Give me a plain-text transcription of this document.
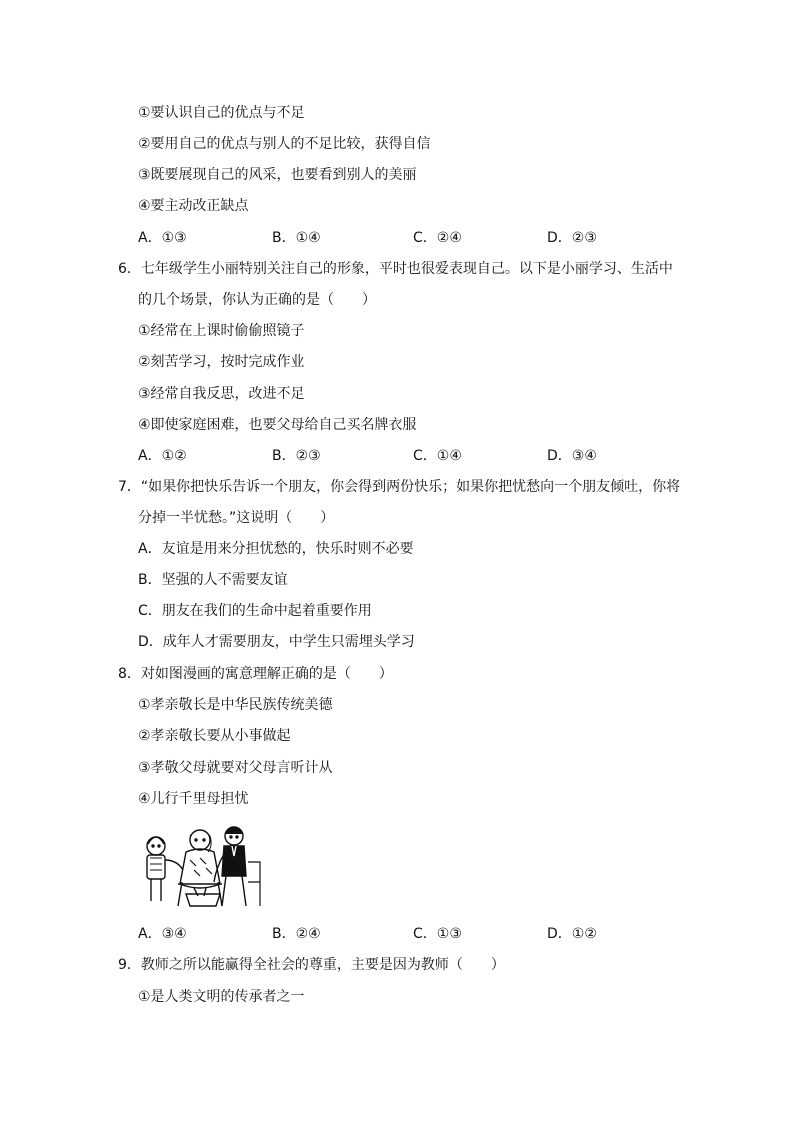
①要认识自己的优点与不足
②要用自己的优点与别人的不足比较，获得自信
③既要展现自己的风采，也要看到别人的美丽
④要主动改正缺点
A．①③	B．①④	C．②④	D．②③
6．七年级学生小丽特别关注自己的形象，平时也很爱表现自己。以下是小丽学习、生活中
的几个场景，你认为正确的是（　　）
①经常在上课时偷偷照镜子
②刻苦学习，按时完成作业
③经常自我反思，改进不足
④即使家庭困难，也要父母给自己买名牌衣服
A．①②	B．②③	C．①④	D．③④
7．“如果你把快乐告诉一个朋友，你会得到两份快乐；如果你把忧愁向一个朋友倾吐，你将
分掉一半忧愁。”这说明（　　）
A．友谊是用来分担忧愁的，快乐时则不必要
B．坚强的人不需要友谊
C．朋友在我们的生命中起着重要作用
D．成年人才需要朋友，中学生只需埋头学习
8．对如图漫画的寓意理解正确的是（　　）
①孝亲敬长是中华民族传统美德
②孝亲敬长要从小事做起
③孝敬父母就要对父母言听计从
④儿行千里母担忧
A．③④	B．②④	C．①③	D．①②
9．教师之所以能赢得全社会的尊重，主要是因为教师（　　）
①是人类文明的传承者之一
